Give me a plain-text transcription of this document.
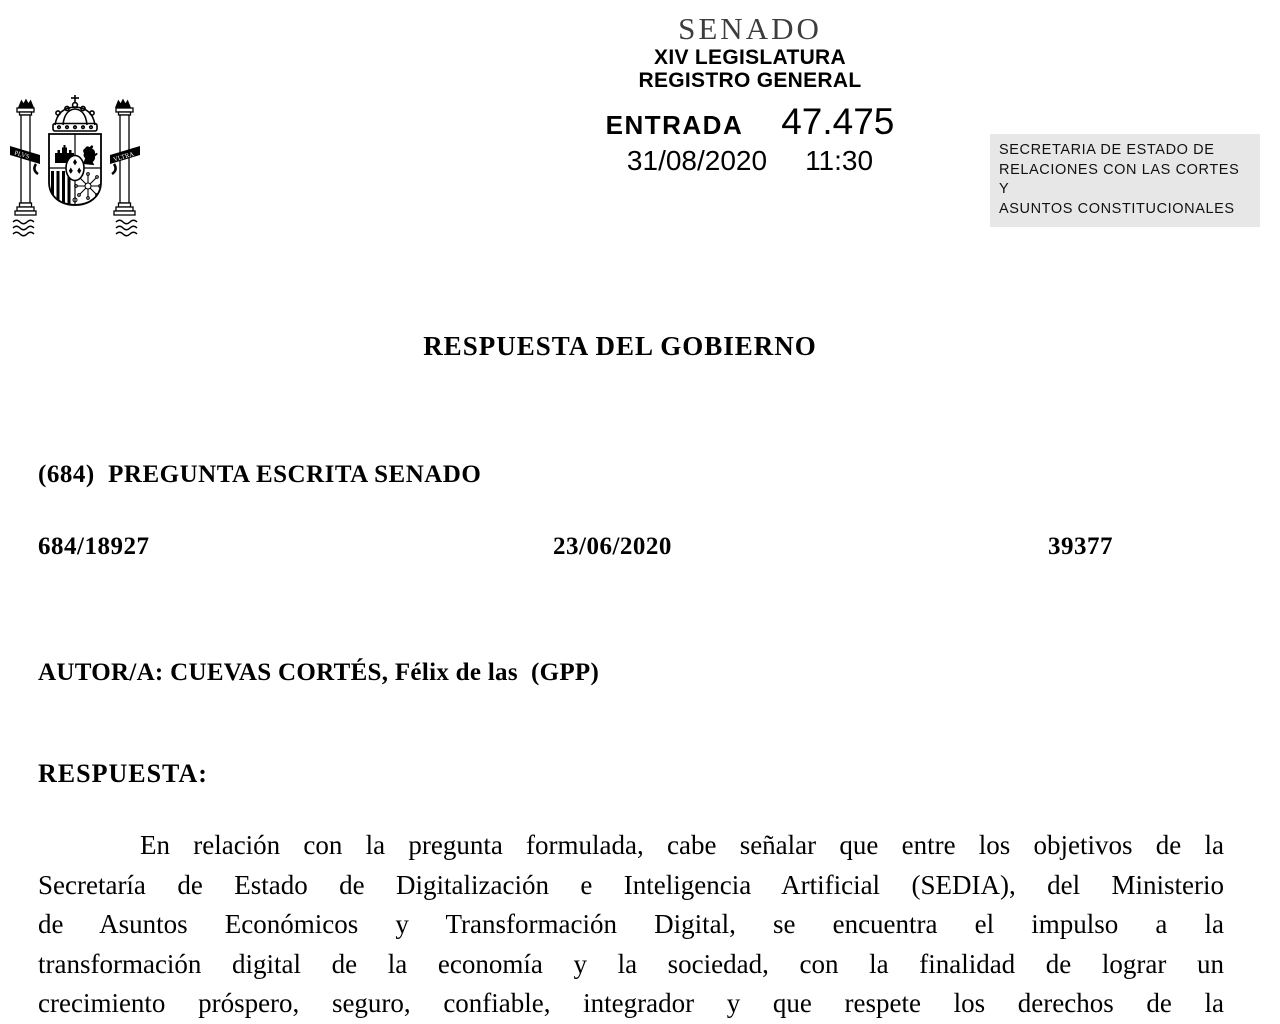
PLVS	VLTRA
SENADO
XIV LEGISLATURA
REGISTRO GENERAL
ENTRADA 47.475
31/08/2020 11:30	SECRETARIA DE ESTADO DE
RELACIONES CON LAS CORTES Y
ASUNTOS CONSTITUCIONALES
RESPUESTA DEL GOBIERNO
(684)  PREGUNTA ESCRITA SENADO
684/18927	23/06/2020	39377
AUTOR/A: CUEVAS CORTÉS, Félix de las  (GPP)
RESPUESTA:
En relación con la pregunta formulada, cabe señalar que entre los objetivos de la
Secretaría de Estado de Digitalización e Inteligencia Artificial (SEDIA), del Ministerio
de Asuntos Económicos y Transformación Digital, se encuentra el impulso a la
transformación digital de la economía y la sociedad, con la finalidad de lograr un
crecimiento próspero, seguro, confiable, integrador y que respete los derechos de la
